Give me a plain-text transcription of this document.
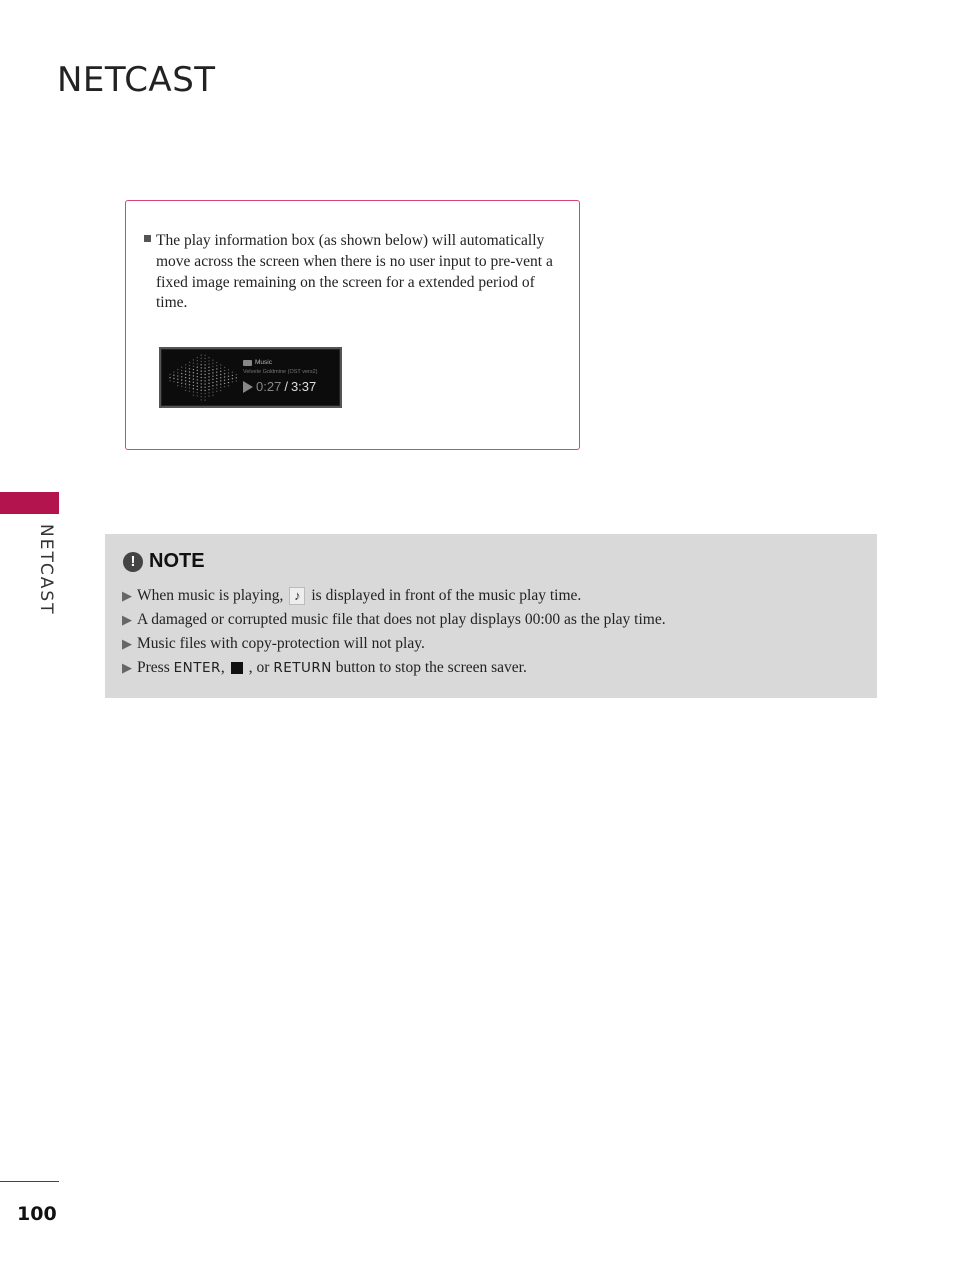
NETCAST
NETCAST
The play information box (as shown below) will automatically move across the screen when there is no user input to pre-vent a fixed image remaining on the screen for a extended period of time.
Music
Velvete Goldmine (OST vers2)
0:27 / 3:37
! NOTE
▶ When music is playing, ♪ is displayed in front of the music play time.
▶ A damaged or corrupted music file that does not play displays 00:00 as the play time.
▶ Music files with copy-protection will not play.
▶ Press
ENTER , , or
RETURN
button to stop the screen saver.
100
